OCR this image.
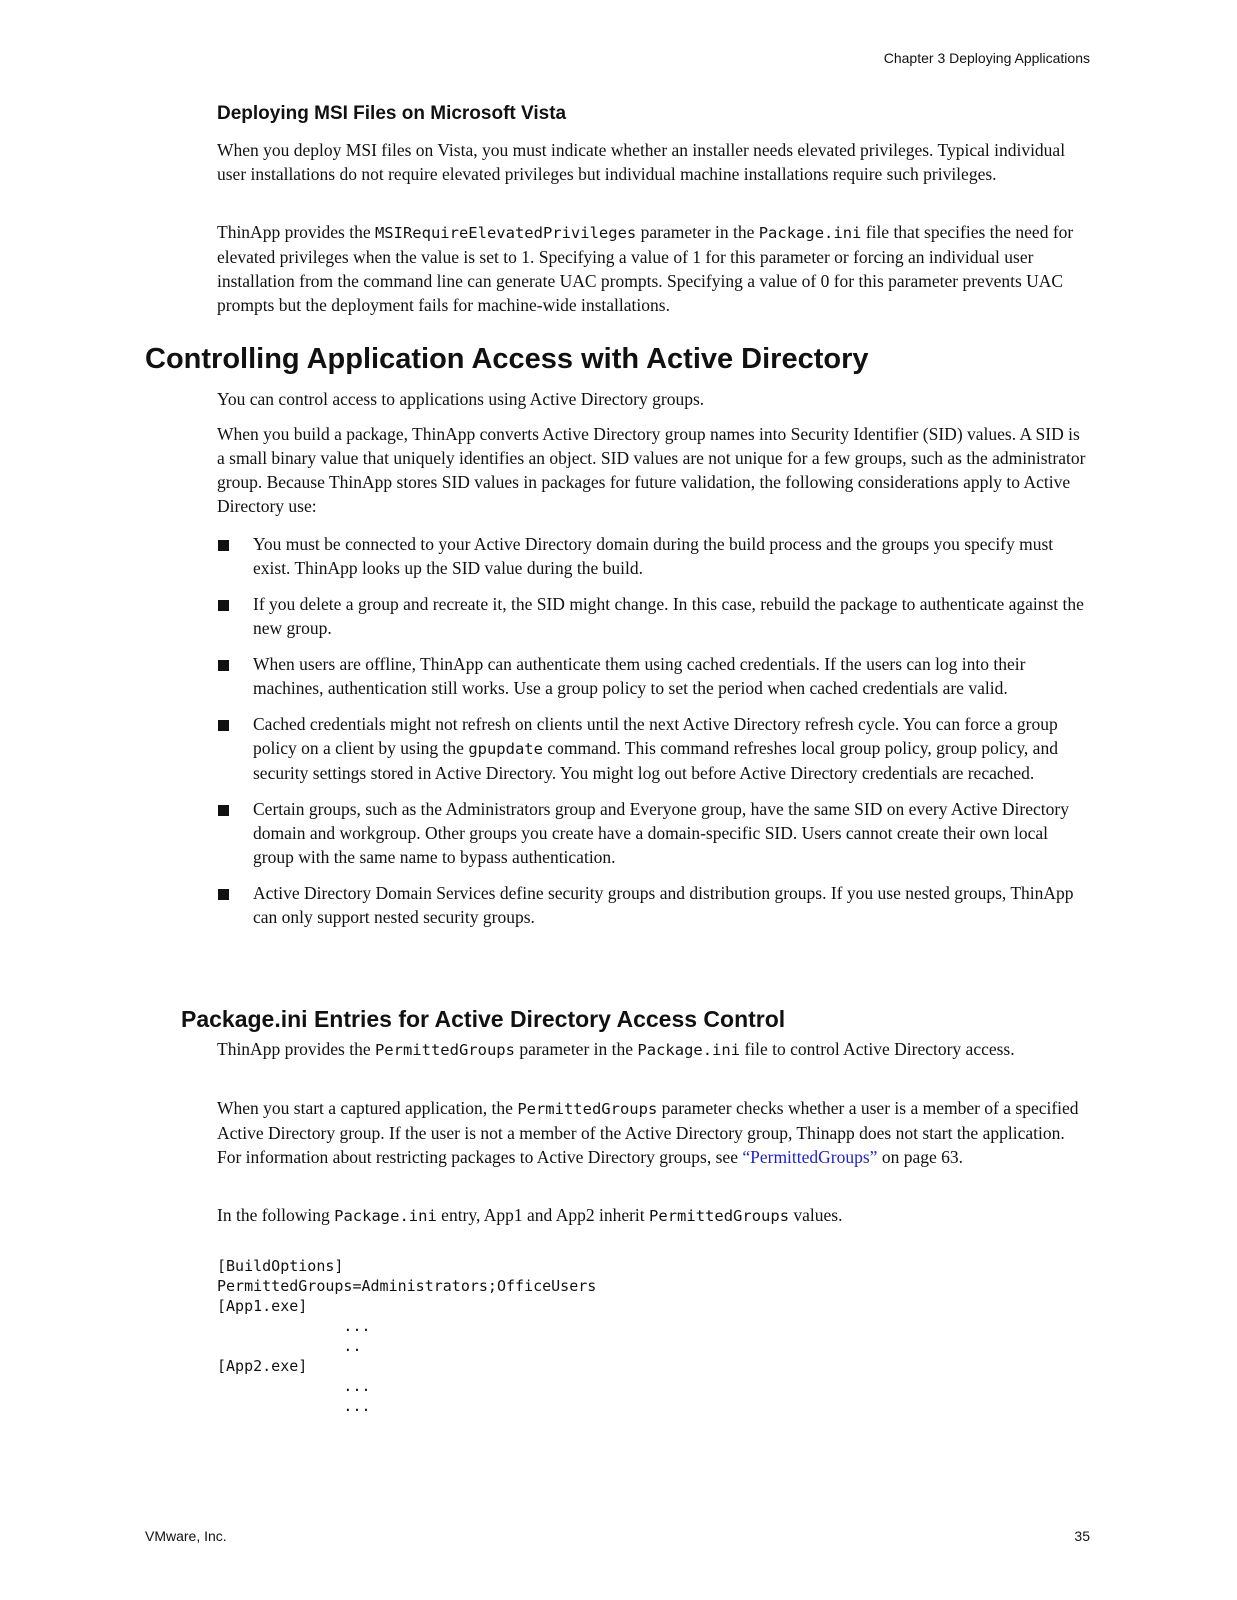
Chapter 3 Deploying Applications
Deploying MSI Files on Microsoft Vista

When you deploy MSI files on Vista, you must indicate whether an installer needs elevated privileges. Typical individual user installations do not require elevated privileges but individual machine installations require such privileges.

ThinApp provides the MSIRequireElevatedPrivileges parameter in the Package.ini file that specifies the need for elevated privileges when the value is set to 1. Specifying a value of 1 for this parameter or forcing an individual user installation from the command line can generate UAC prompts. Specifying a value of 0 for this parameter prevents UAC prompts but the deployment fails for machine-wide installations.

Controlling Application Access with Active Directory

You can control access to applications using Active Directory groups.

When you build a package, ThinApp converts Active Directory group names into Security Identifier (SID) values. A SID is a small binary value that uniquely identifies an object. SID values are not unique for a few groups, such as the administrator group. Because ThinApp stores SID values in packages for future validation, the following considerations apply to Active Directory use:

You must be connected to your Active Directory domain during the build process and the groups you specify must exist. ThinApp looks up the SID value during the build.
If you delete a group and recreate it, the SID might change. In this case, rebuild the package to authenticate against the new group.
When users are offline, ThinApp can authenticate them using cached credentials. If the users can log into their machines, authentication still works. Use a group policy to set the period when cached credentials are valid.
Cached credentials might not refresh on clients until the next Active Directory refresh cycle. You can force a group policy on a client by using the gpupdate command. This command refreshes local group policy, group policy, and security settings stored in Active Directory. You might log out before Active Directory credentials are recached.
Certain groups, such as the Administrators group and Everyone group, have the same SID on every Active Directory domain and workgroup. Other groups you create have a domain-specific SID. Users cannot create their own local group with the same name to bypass authentication.
Active Directory Domain Services define security groups and distribution groups. If you use nested groups, ThinApp can only support nested security groups.
Package.ini Entries for Active Directory Access Control

ThinApp provides the PermittedGroups parameter in the Package.ini file to control Active Directory access.

When you start a captured application, the PermittedGroups parameter checks whether a user is a member of a specified Active Directory group. If the user is not a member of the Active Directory group, Thinapp does not start the application. For information about restricting packages to Active Directory groups, see “PermittedGroups” on page 63.

In the following Package.ini entry, App1 and App2 inherit PermittedGroups values.

[BuildOptions]
PermittedGroups=Administrators;OfficeUsers
[App1.exe]
...
..
[App2.exe]
...
...
VMware, Inc.	35
